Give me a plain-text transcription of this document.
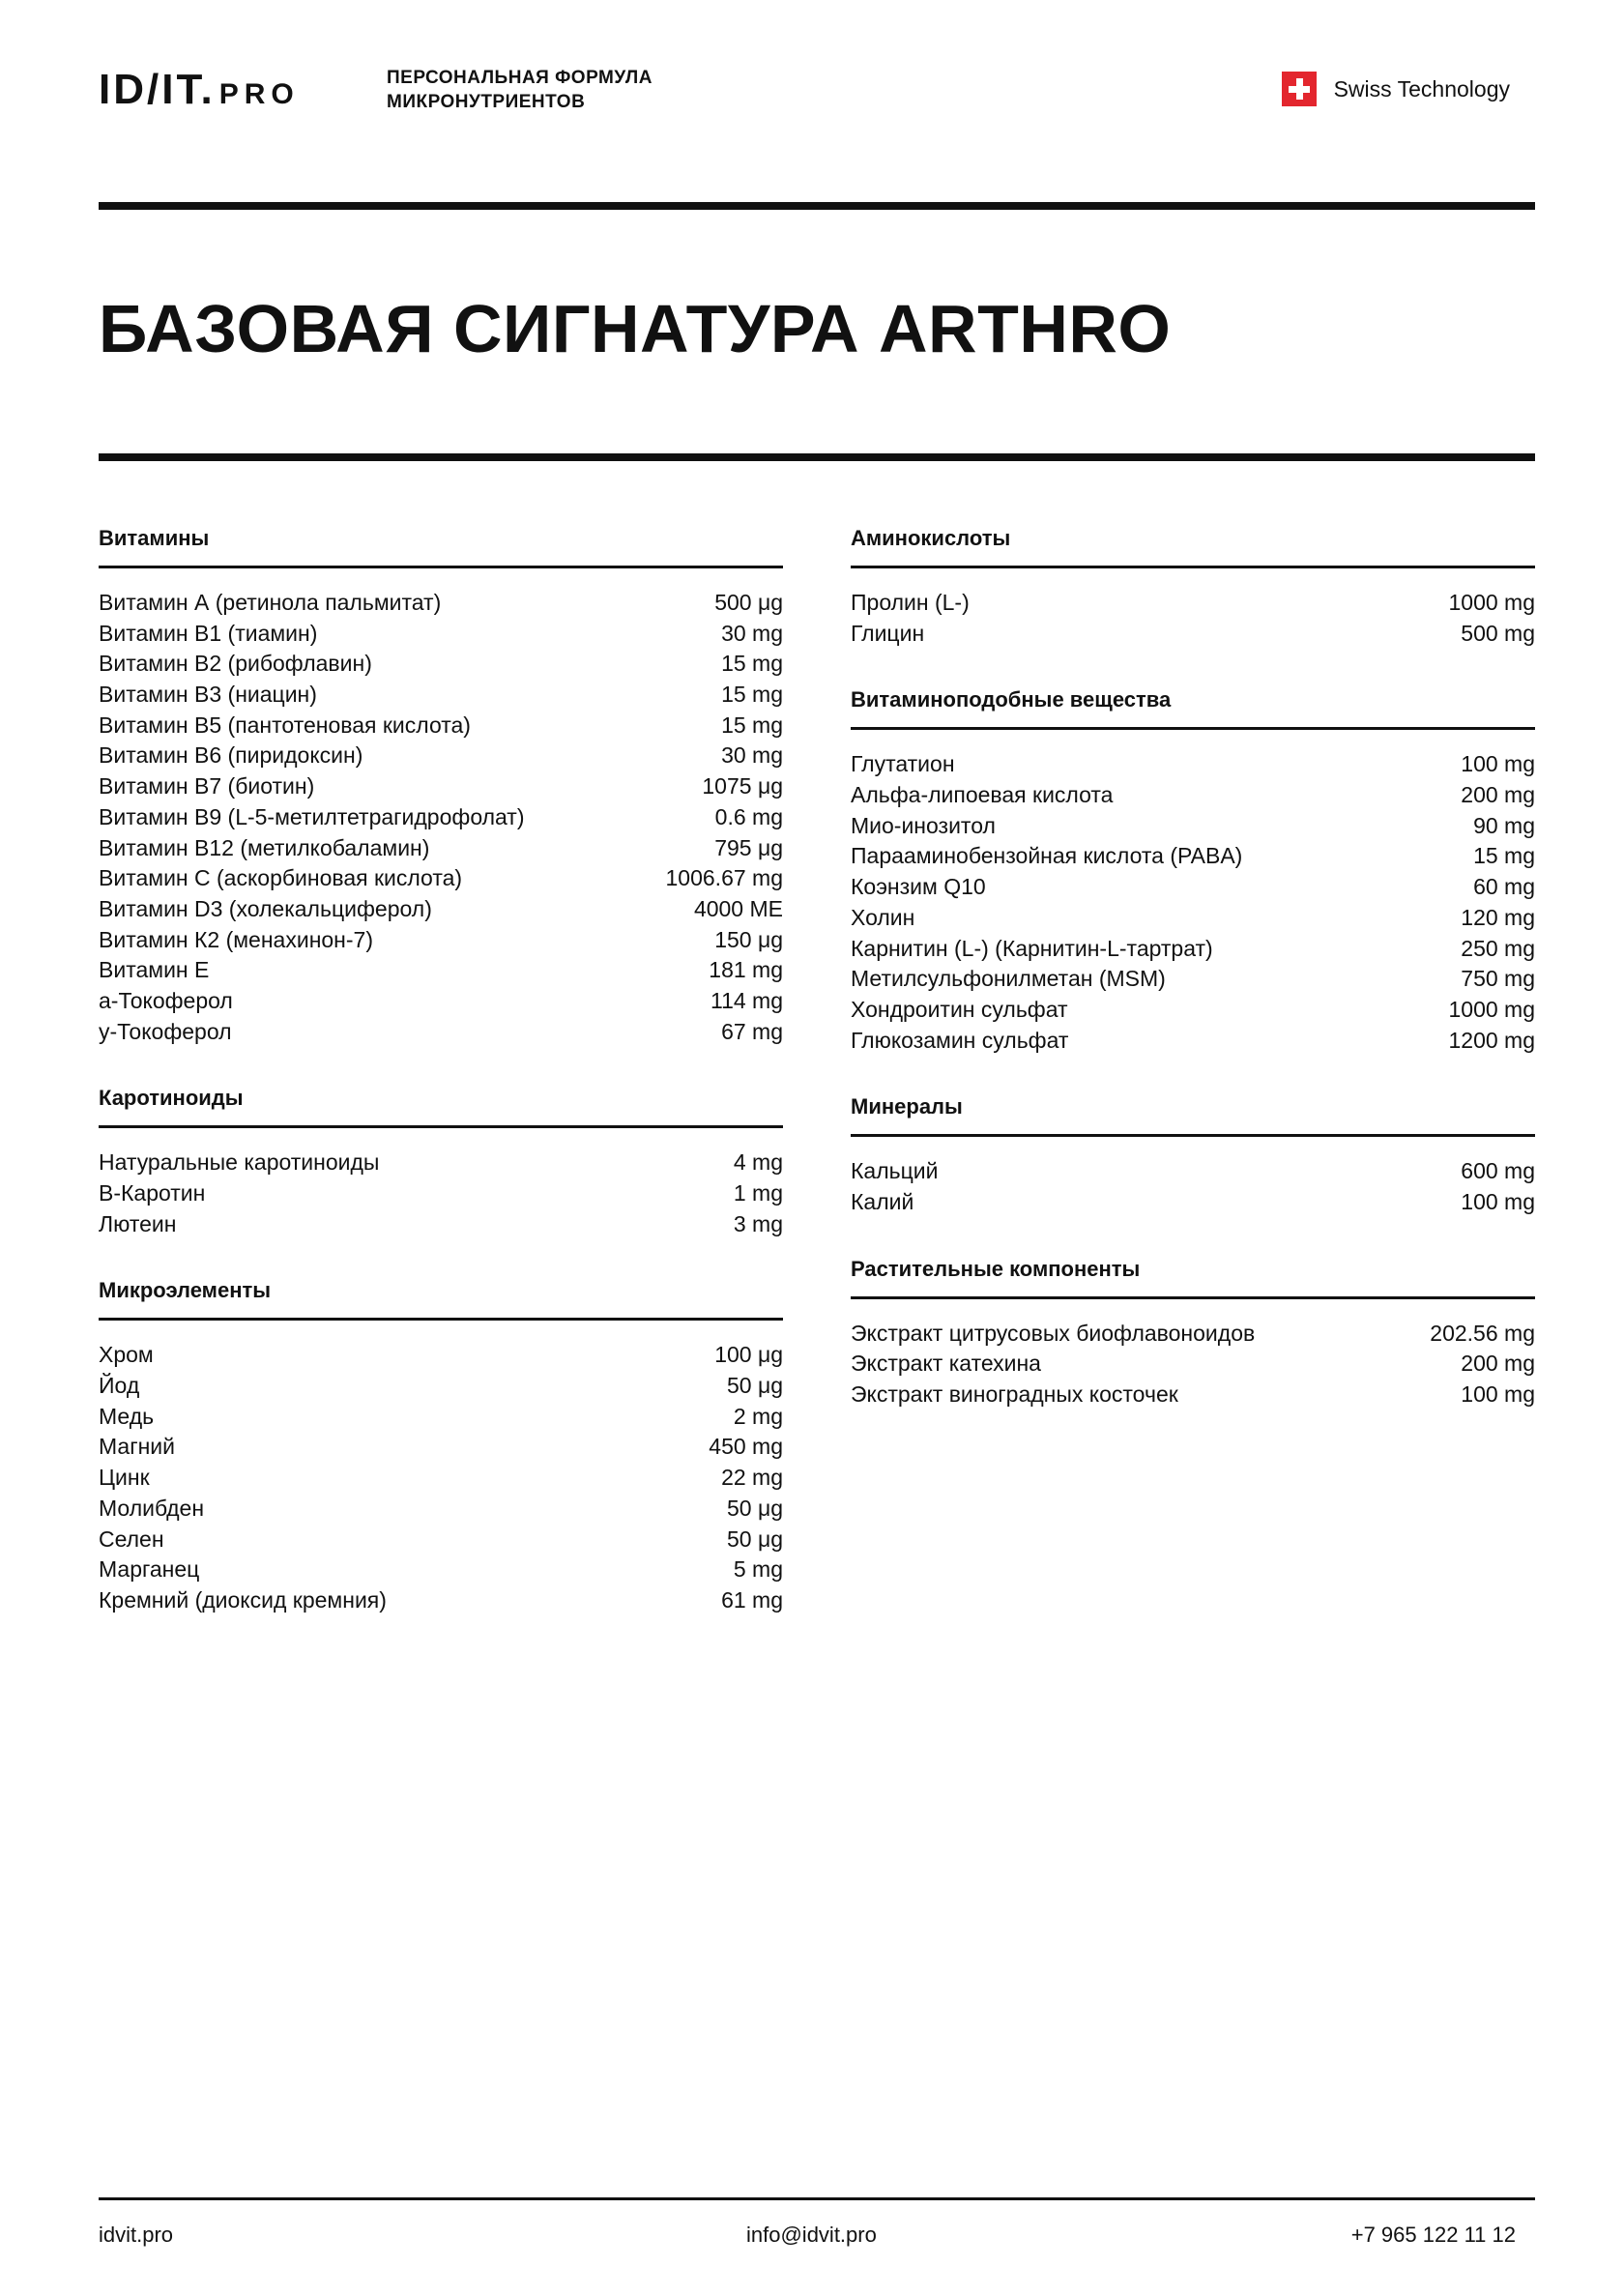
ID/IT. PRO
ПЕРСОНАЛЬНАЯ ФОРМУЛА
МИКРОНУТРИЕНТОВ
Swiss Technology
БАЗОВАЯ СИГНАТУРА ARTHRO
Витамины
Витамин А (ретинола пальмитат)	500 μg
Витамин B1 (тиамин)	30 mg
Витамин B2 (рибофлавин)	15 mg
Витамин B3 (ниацин)	15 mg
Витамин B5 (пантотеновая кислота)	15 mg
Витамин B6 (пиридоксин)	30 mg
Витамин B7 (биотин)	1075 μg
Витамин B9 (L-5-метилтетрагидрофолат)	0.6 mg
Витамин B12 (метилкобаламин)	795 μg
Витамин С (аскорбиновая кислота)	1006.67 mg
Витамин D3 (холекальциферол)	4000 МЕ
Витамин К2 (менахинон-7)	150 μg
Витамин Е	181 mg
a-Токоферол	114 mg
у-Токоферол	67 mg
Каротиноиды
Натуральные каротиноиды	4 mg
B-Каротин	1 mg
Лютеин	3 mg
Микроэлементы
Хром	100 μg
Йод	50 μg
Медь	2 mg
Магний	450 mg
Цинк	22 mg
Молибден	50 μg
Селен	50 μg
Марганец	5 mg
Кремний (диоксид кремния)	61 mg
Аминокислоты
Пролин (L-)	1000 mg
Глицин	500 mg
Витаминоподобные вещества
Глутатион	100 mg
Альфа-липоевая кислота	200 mg
Мио-инозитол	90 mg
Парааминобензойная кислота (PABA)	15 mg
Коэнзим Q10	60 mg
Холин	120 mg
Карнитин (L-) (Карнитин-L-тартрат)	250 mg
Метилсульфонилметан (MSM)	750 mg
Хондроитин сульфат	1000 mg
Глюкозамин сульфат	1200 mg
Минералы
Кальций	600 mg
Калий	100 mg
Растительные компоненты
Экстракт цитрусовых биофлавоноидов	202.56 mg
Экстракт катехина	200 mg
Экстракт виноградных косточек	100 mg
idvit.pro	info@idvit.pro	+7 965 122 11 12
